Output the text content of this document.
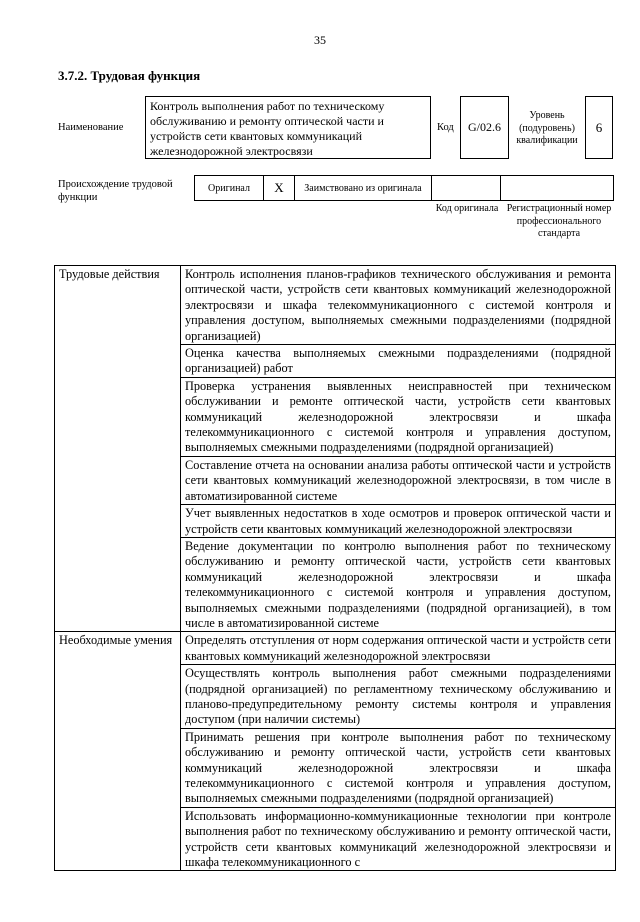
35
3.7.2. Трудовая функция
Наименование
Контроль выполнения работ по техническому обслуживанию и ремонту оптической части и устройств сети квантовых коммуникаций железнодорожной электросвязи
Код	G/02.6
Уровень (подуровень) квалификации
6
Происхождение трудовой функции
Оригинал	X	Заимствовано из оригинала		
Код оригинала Регистрационный номер профессионального стандарта
Трудовые действия	Контроль исполнения планов-графиков технического обслуживания и ремонта оптической части, устройств сети квантовых коммуникаций железнодорожной электросвязи и шкафа телекоммуникационного с системой контроля и управления доступом, выполняемых смежными подразделениями (подрядной организацией)
	Оценка качества выполняемых смежными подразделениями (подрядной организацией) работ
	Проверка устранения выявленных неисправностей при техническом обслуживании и ремонте оптической части, устройств сети квантовых коммуникаций железнодорожной электросвязи и шкафа телекоммуникационного с системой контроля и управления доступом, выполняемых смежными подразделениями (подрядной организацией)
	Составление отчета на основании анализа работы оптической части и устройств сети квантовых коммуникаций железнодорожной электросвязи, в том числе в автоматизированной системе
	Учет выявленных недостатков в ходе осмотров и проверок оптической части и устройств сети квантовых коммуникаций железнодорожной электросвязи
	Ведение документации по контролю выполнения работ по техническому обслуживанию и ремонту оптической части, устройств сети квантовых коммуникаций железнодорожной электросвязи и шкафа телекоммуникационного с системой контроля и управления доступом, выполняемых смежными подразделениями (подрядной организацией), в том числе в автоматизированной системе
Необходимые умения	Определять отступления от норм содержания оптической части и устройств сети квантовых коммуникаций железнодорожной электросвязи
	Осуществлять контроль выполнения работ смежными подразделениями (подрядной организацией) по регламентному техническому обслуживанию и планово-предупредительному ремонту системы контроля и управления доступом (при наличии системы)
	Принимать решения при контроле выполнения работ по техническому обслуживанию и ремонту оптической части, устройств сети квантовых коммуникаций железнодорожной электросвязи и шкафа телекоммуникационного с системой контроля и управления доступом, выполняемых смежными подразделениями (подрядной организацией)
	Использовать информационно-коммуникационные технологии при контроле выполнения работ по техническому обслуживанию и ремонту оптической части, устройств сети квантовых коммуникаций железнодорожной электросвязи и шкафа телекоммуникационного с
